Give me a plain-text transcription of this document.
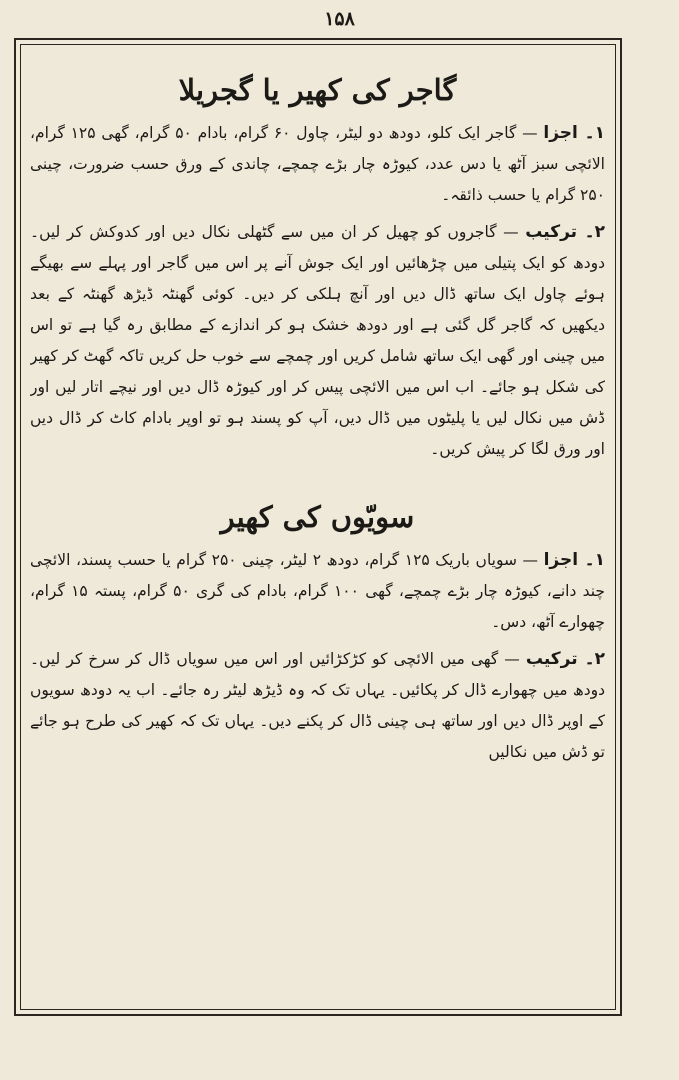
۱۵۸
گاجر کی کھیر یا گجریلا

۱۔ اجزا — گاجر ایک کلو، دودھ دو لیٹر، چاول ۶۰ گرام، بادام ۵۰ گرام، گھی ۱۲۵ گرام، الائچی سبز آٹھ یا دس عدد، کیوڑہ چار بڑے چمچے، چاندی کے ورق حسب ضرورت، چینی ۲۵۰ گرام یا حسب ذائقہ۔

۲۔ ترکیب — گاجروں کو چھیل کر ان میں سے گٹھلی نکال دیں اور کدوکش کر لیں۔ دودھ کو ایک پتیلی میں چڑھائیں اور ایک جوش آنے پر اس میں گاجر اور پہلے سے بھیگے ہوئے چاول ایک ساتھ ڈال دیں اور آنچ ہلکی کر دیں۔ کوئی گھنٹہ ڈیڑھ گھنٹہ کے بعد دیکھیں کہ گاجر گل گئی ہے اور دودھ خشک ہو کر اندازے کے مطابق رہ گیا ہے تو اس میں چینی اور گھی ایک ساتھ شامل کریں اور چمچے سے خوب حل کریں تاکہ گھٹ کر کھیر کی شکل ہو جائے۔ اب اس میں الائچی پیس کر اور کیوڑہ ڈال دیں اور نیچے اتار لیں اور ڈش میں نکال لیں یا پلیٹوں میں ڈال دیں، آپ کو پسند ہو تو اوپر بادام کاٹ کر ڈال دیں اور ورق لگا کر پیش کریں۔

سویّوں کی کھیر

۱۔ اجزا — سویاں باریک ۱۲۵ گرام، دودھ ۲ لیٹر، چینی ۲۵۰ گرام یا حسب پسند، الائچی چند دانے، کیوڑہ چار بڑے چمچے، گھی ۱۰۰ گرام، بادام کی گری ۵۰ گرام، پستہ ۱۵ گرام، چھوارے آٹھ، دس۔

۲۔ ترکیب — گھی میں الائچی کو کڑکڑائیں اور اس میں سویاں ڈال کر سرخ کر لیں۔ دودھ میں چھوارے ڈال کر پکائیں۔ یہاں تک کہ وہ ڈیڑھ لیٹر رہ جائے۔ اب یہ دودھ سویوں کے اوپر ڈال دیں اور ساتھ ہی چینی ڈال کر پکنے دیں۔ یہاں تک کہ کھیر کی طرح ہو جائے تو ڈش میں نکالیں
